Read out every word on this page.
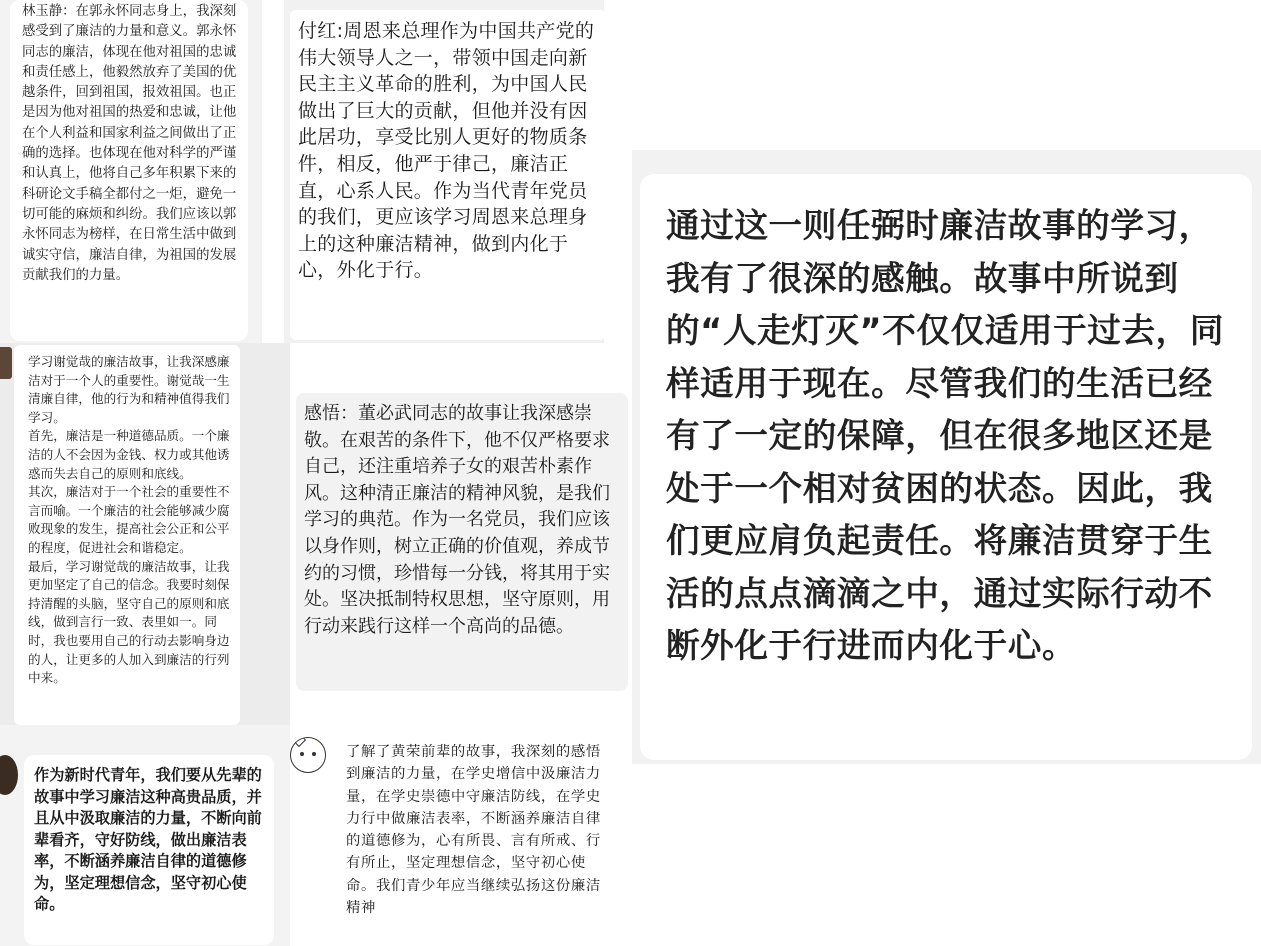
林玉静：在郭永怀同志身上，我深刻感受到了廉洁的力量和意义。郭永怀同志的廉洁，体现在他对祖国的忠诚和责任感上，他毅然放弃了美国的优越条件，回到祖国，报效祖国。也正是因为他对祖国的热爱和忠诚，让他在个人利益和国家利益之间做出了正确的选择。也体现在他对科学的严谨和认真上，他将自己多年积累下来的科研论文手稿全都付之一炬，避免一切可能的麻烦和纠纷。我们应该以郭永怀同志为榜样，在日常生活中做到诚实守信，廉洁自律，为祖国的发展贡献我们的力量。

付红:周恩来总理作为中国共产党的伟大领导人之一，带领中国走向新民主主义革命的胜利，为中国人民做出了巨大的贡献，但他并没有因此居功，享受比别人更好的物质条件，相反，他严于律己，廉洁正直，心系人民。作为当代青年党员的我们，更应该学习周恩来总理身上的这种廉洁精神，做到内化于心，外化于行。

学习谢觉哉的廉洁故事，让我深感廉洁对于一个人的重要性。谢觉哉一生清廉自律，他的行为和精神值得我们学习。
首先，廉洁是一种道德品质。一个廉洁的人不会因为金钱、权力或其他诱惑而失去自己的原则和底线。
其次，廉洁对于一个社会的重要性不言而喻。一个廉洁的社会能够减少腐败现象的发生，提高社会公正和公平的程度，促进社会和谐稳定。
最后，学习谢觉哉的廉洁故事，让我更加坚定了自己的信念。我要时刻保持清醒的头脑，坚守自己的原则和底线，做到言行一致、表里如一。同时，我也要用自己的行动去影响身边的人，让更多的人加入到廉洁的行列中来。

感悟：董必武同志的故事让我深感崇敬。在艰苦的条件下，他不仅严格要求自己，还注重培养子女的艰苦朴素作风。这种清正廉洁的精神风貌，是我们学习的典范。作为一名党员，我们应该以身作则，树立正确的价值观，养成节约的习惯，珍惜每一分钱，将其用于实处。坚决抵制特权思想，坚守原则，用行动来践行这样一个高尚的品德。

作为新时代青年，我们要从先辈的故事中学习廉洁这种高贵品质，并且从中汲取廉洁的力量，不断向前辈看齐，守好防线，做出廉洁表率，不断涵养廉洁自律的道德修为，坚定理想信念，坚守初心使命。

了解了黄荣前辈的故事，我深刻的感悟到廉洁的力量，在学史增信中汲廉洁力量，在学史崇德中守廉洁防线，在学史力行中做廉洁表率，不断涵养廉洁自律的道德修为，心有所畏、言有所戒、行有所止，坚定理想信念，坚守初心使命。我们青少年应当继续弘扬这份廉洁精神

通过这一则任弼时廉洁故事的学习，我有了很深的感触。故事中所说到的“人走灯灭”不仅仅适用于过去，同样适用于现在。尽管我们的生活已经有了一定的保障，但在很多地区还是处于一个相对贫困的状态。因此，我们更应肩负起责任。将廉洁贯穿于生活的点点滴滴之中，通过实际行动不断外化于行进而内化于心。
